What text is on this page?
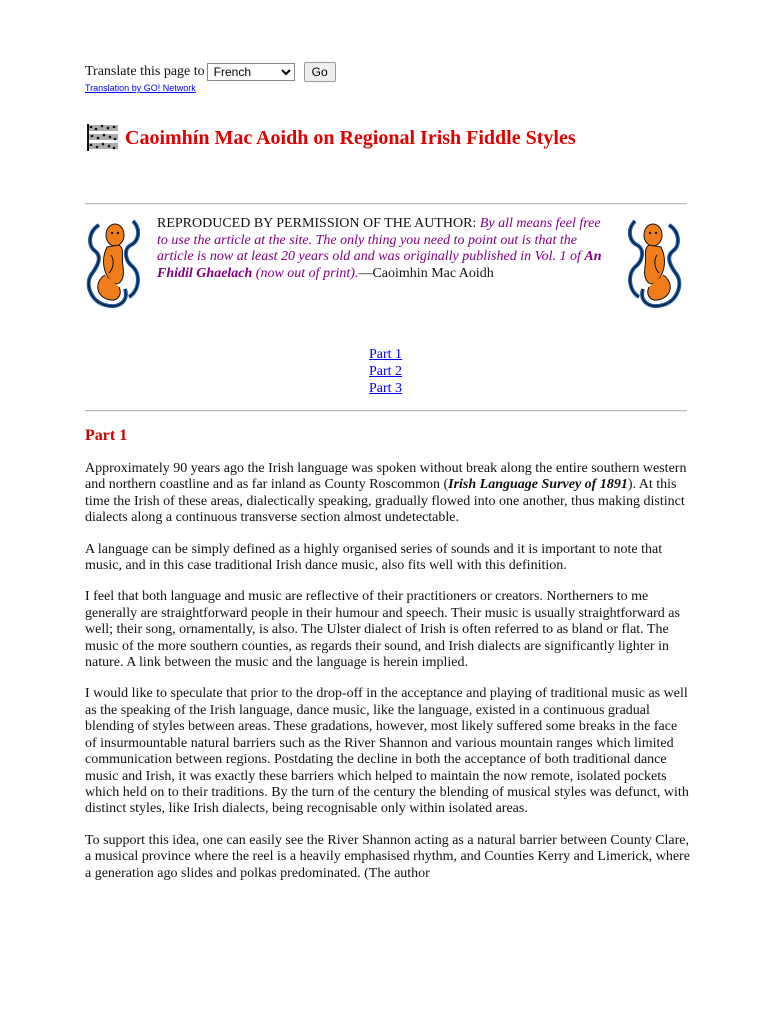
Translate this page to
French	Go
Translation by GO! Network
Caoimhín Mac Aoidh on Regional Irish Fiddle Styles
REPRODUCED BY PERMISSION OF THE AUTHOR: By all means feel free to use the article at the site. The only thing you need to point out is that the article is now at least 20 years old and was originally published in Vol. 1 of An Fhidil Ghaelach (now out of print).—Caoimhin Mac Aoidh
Part 1
Part 2
Part 3
Part 1

Approximately 90 years ago the Irish language was spoken without break along the entire southern western and northern coastline and as far inland as County Roscommon (Irish Language Survey of 1891). At this time the Irish of these areas, dialectically speaking, gradually flowed into one another, thus making distinct dialects along a continuous transverse section almost undetectable.

A language can be simply defined as a highly organised series of sounds and it is important to note that music, and in this case traditional Irish dance music, also fits well with this definition.

I feel that both language and music are reflective of their practitioners or creators. Northerners to me generally are straightforward people in their humour and speech. Their music is usually straightforward as well; their song, ornamentally, is also. The Ulster dialect of Irish is often referred to as bland or flat. The music of the more southern counties, as regards their sound, and Irish dialects are significantly lighter in nature. A link between the music and the language is herein implied.

I would like to speculate that prior to the drop-off in the acceptance and playing of traditional music as well as the speaking of the Irish language, dance music, like the language, existed in a continuous gradual blending of styles between areas. These gradations, however, most likely suffered some breaks in the face of insurmountable natural barriers such as the River Shannon and various mountain ranges which limited communication between regions. Postdating the decline in both the acceptance of both traditional dance music and Irish, it was exactly these barriers which helped to maintain the now remote, isolated pockets which held on to their traditions. By the turn of the century the blending of musical styles was defunct, with distinct styles, like Irish dialects, being recognisable only within isolated areas.

To support this idea, one can easily see the River Shannon acting as a natural barrier between County Clare, a musical province where the reel is a heavily emphasised rhythm, and Counties Kerry and Limerick, where a generation ago slides and polkas predominated. (The author
